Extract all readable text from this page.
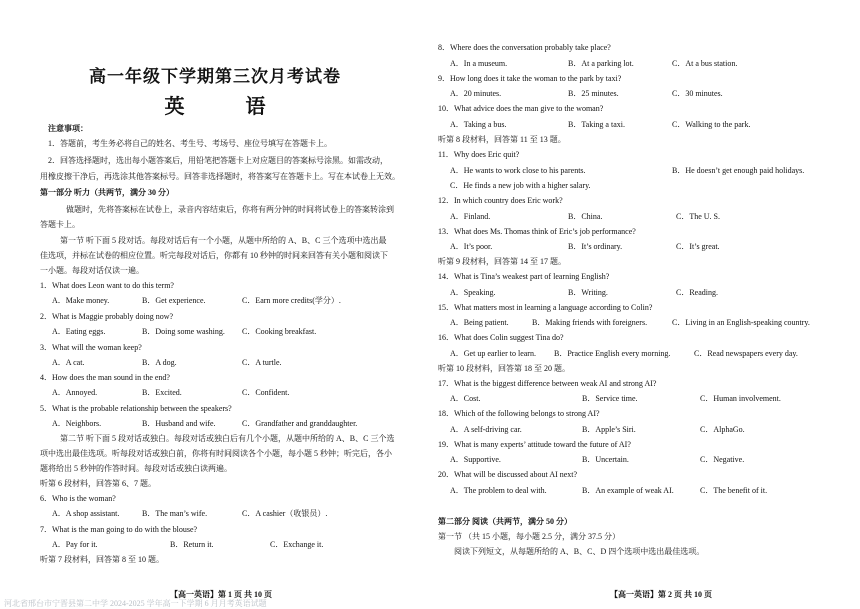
高一年级下学期第三次月考试卷
英 语
注意事项：
1．答题前，考生务必将自己的姓名、考生号、考场号、座位号填写在答题卡上。
2．回答选择题时，选出每小题答案后，用铅笔把答题卡上对应题目的答案标号涂黑。如需改动，
用橡皮擦干净后，再选涂其他答案标号。回答非选择题时，将答案写在答题卡上。写在本试卷上无效。
第一部分 听力（共两节，满分 30 分）
做题时，先将答案标在试卷上，录音内容结束后，你将有两分钟的时间将试卷上的答案转涂到
答题卡上。
第一节 听下面 5 段对话。每段对话后有一个小题，从题中所给的 A、B、C 三个选项中选出最
佳选项，并标在试卷的相应位置。听完每段对话后，你都有 10 秒钟的时间来回答有关小题和阅读下
一小题。每段对话仅读一遍。
1．What does Leon want to do this term?
A．Make money.	B．Get experience.	C．Earn more credits(学分）.
2．What is Maggie probably doing now?
A．Eating eggs.	B．Doing some washing. C．Cooking breakfast.
3．What will the woman keep?
A．A cat.	B．A dog.	C．A turtle.
4．How does the man sound in the end?
A．Annoyed.	B．Excited.	C．Confident.
5．What is the probable relationship between the speakers?
A．Neighbors.	B．Husband and wife.	C．Grandfather and granddaughter.
第二节 听下面 5 段对话或独白。每段对话或独白后有几个小题，从题中所给的 A、B、C 三个选
项中选出最佳选项。听每段对话或独白前，你将有时间阅读各个小题，每小题 5 秒钟；听完后，各小
题将给出 5 秒钟的作答时间。每段对话或独白读两遍。
听第 6 段材料，回答第 6、7 题。
6．Who is the woman?
A．A shop assistant.	B．The man’s wife.	C．A cashier（收银员）.
7．What is the man going to do with the blouse?
A．Pay for it.	B．Return it.	C．Exchange it.
听第 7 段材料，回答第 8 至 10 题。
【高一英语】第 1 页 共 10 页
8．Where does the conversation probably take place?
A．In a museum.	B．At a parking lot.	C．At a bus station.
9．How long does it take the woman to the park by taxi?
A．20 minutes.	B．25 minutes.	C．30 minutes.
10．What advice does the man give to the woman?
A．Taking a bus.	B．Taking a taxi.	C．Walking to the park.
听第 8 段材料，回答第 11 至 13 题。
11．Why does Eric quit?
A．He wants to work close to his parents.	B．He doesn’t get enough paid holidays.
C．He finds a new job with a higher salary.
12．In which country does Eric work?
A．Finland.	B．China.	C．The U. S.
13．What does Ms. Thomas think of Eric’s job performance?
A．It’s poor.	B．It’s ordinary.	C．It’s great.
听第 9 段材料，回答第 14 至 17 题。
14．What is Tina’s weakest part of learning English?
A．Speaking.	B．Writing.	C．Reading.
15．What matters most in learning a language according to Colin?
A．Being patient.	B．Making friends with foreigners.	C．Living in an English-speaking country.
16．What does Colin suggest Tina do?
A．Get up earlier to learn. B．Practice English every morning.	C．Read newspapers every day.
听第 10 段材料，回答第 18 至 20 题。
17．What is the biggest difference between weak AI and strong AI?
A．Cost.	B．Service time.	C．Human involvement.
18．Which of the following belongs to strong AI?
A．A self-driving car.	B．Apple’s Siri.	C．AlphaGo.
19．What is many experts’ attitude toward the future of AI?
A．Supportive.	B．Uncertain.	C．Negative.
20．What will be discussed about AI next?
A．The problem to deal with.	B．An example of weak AI.	C．The benefit of it.
第二部分 阅读（共两节，满分 50 分）
第一节 （共 15 小题，每小题 2.5 分，满分 37.5 分）
阅读下列短文，从每题所给的 A、B、C、D 四个选项中选出最佳选项。
【高一英语】第 2 页 共 10 页
河北省邢台市宁晋县第二中学 2024-2025 学年高一下学期 6 月月考英语试题
